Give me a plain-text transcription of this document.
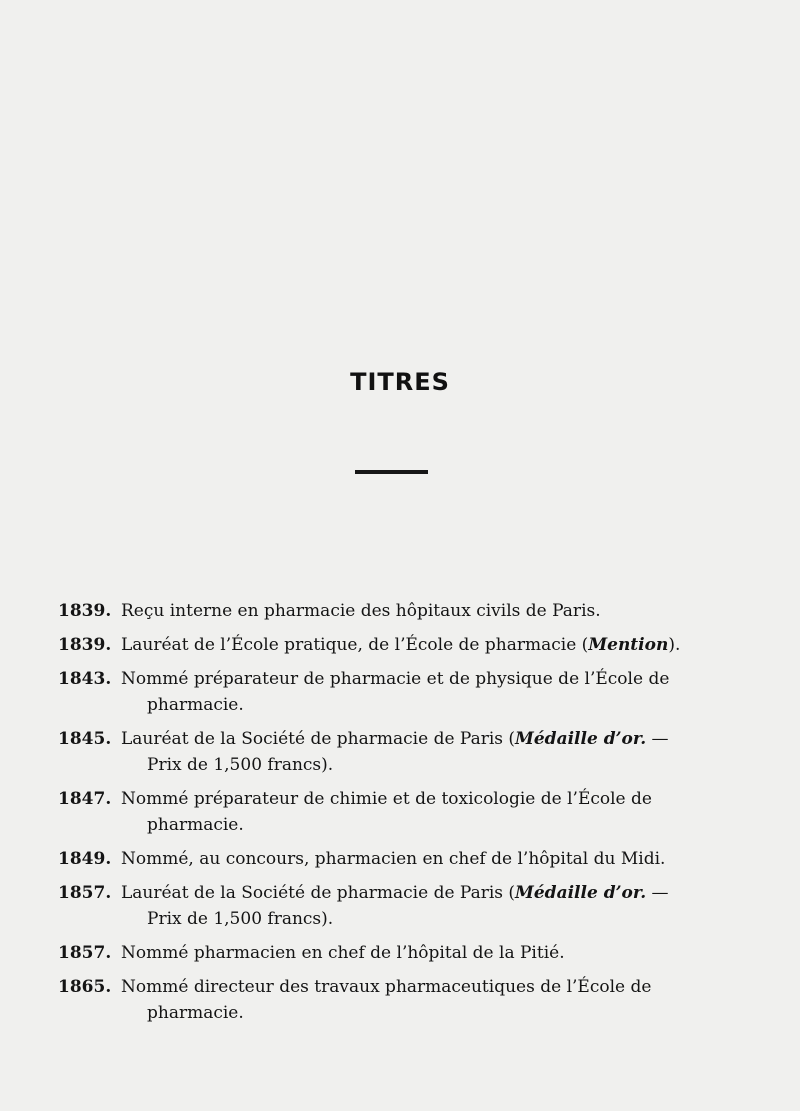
TITRES
1839. Reçu interne en pharmacie des hôpitaux civils de Paris.
1839. Lauréat de l’École pratique, de l’École de pharmacie (Mention).
1843. Nommé préparateur de pharmacie et de physique de l’École de
pharmacie.
1845. Lauréat de la Société de pharmacie de Paris (Médaille d’or. —
Prix de 1,500 francs).
1847. Nommé préparateur de chimie et de toxicologie de l’École de
pharmacie.
1849. Nommé, au concours, pharmacien en chef de l’hôpital du Midi.
1857. Lauréat de la Société de pharmacie de Paris (Médaille d’or. —
Prix de 1,500 francs).
1857. Nommé pharmacien en chef de l’hôpital de la Pitié.
1865. Nommé directeur des travaux pharmaceutiques de l’École de
pharmacie.
